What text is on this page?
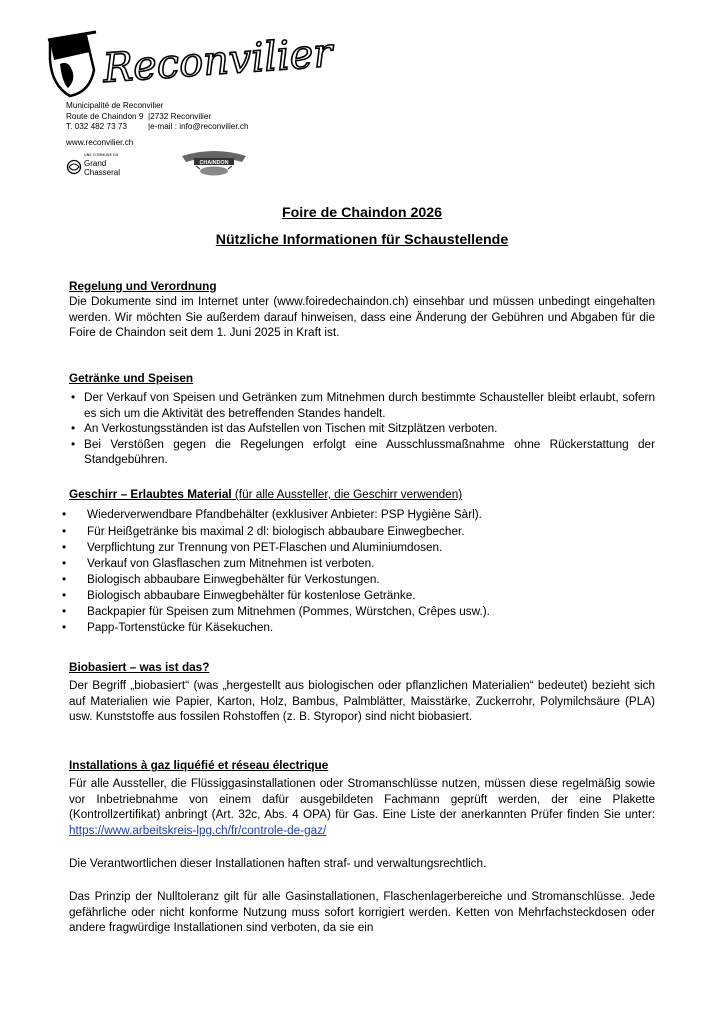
Reconvilier
Municipalité de Reconvilier
Route de Chaindon 9 |2732 Reconvilier
T. 032 482 73 73	|e-mail : info@reconvilier.ch
www.reconvilier.ch
UNE COMMUNE DU
Grand
Chasseral
CHAINDON
Foire de Chaindon 2026
Nützliche Informationen für Schaustellende
Regelung und Verordnung
Die Dokumente sind im Internet unter (www.foiredechaindon.ch) einsehbar und müssen unbedingt eingehalten werden. Wir möchten Sie außerdem darauf hinweisen, dass eine Änderung der Gebühren und Abgaben für die Foire de Chaindon seit dem 1. Juni 2025 in Kraft ist.
Getränke und Speisen
• Der Verkauf von Speisen und Getränken zum Mitnehmen durch bestimmte Schausteller bleibt erlaubt, sofern es sich um die Aktivität des betreffenden Standes handelt.
• An Verkostungsständen ist das Aufstellen von Tischen mit Sitzplätzen verboten.
• Bei Verstößen gegen die Regelungen erfolgt eine Ausschlussmaßnahme ohne Rückerstattung der Standgebühren.
Geschirr – Erlaubtes Material (für alle Aussteller, die Geschirr verwenden)
• Wiederverwendbare Pfandbehälter (exklusiver Anbieter: PSP Hygiène Sàrl).
• Für Heißgetränke bis maximal 2 dl: biologisch abbaubare Einwegbecher.
• Verpflichtung zur Trennung von PET-Flaschen und Aluminiumdosen.
• Verkauf von Glasflaschen zum Mitnehmen ist verboten.
• Biologisch abbaubare Einwegbehälter für Verkostungen.
• Biologisch abbaubare Einwegbehälter für kostenlose Getränke.
• Backpapier für Speisen zum Mitnehmen (Pommes, Würstchen, Crêpes usw.).
• Papp-Tortenstücke für Käsekuchen.
Biobasiert – was ist das?
Der Begriff „biobasiert“ (was „hergestellt aus biologischen oder pflanzlichen Materialien“ bedeutet) bezieht sich auf Materialien wie Papier, Karton, Holz, Bambus, Palmblätter, Maisstärke, Zuckerrohr, Polymilchsäure (PLA) usw. Kunststoffe aus fossilen Rohstoffen (z. B. Styropor) sind nicht biobasiert.
Installations à gaz liquéfié et réseau électrique
Für alle Aussteller, die Flüssiggasinstallationen oder Stromanschlüsse nutzen, müssen diese regelmäßig sowie vor Inbetriebnahme von einem dafür ausgebildeten Fachmann geprüft werden, der eine Plakette (Kontrollzertifikat) anbringt (Art. 32c, Abs. 4 OPA) für Gas. Eine Liste der anerkannten Prüfer finden Sie unter: https://www.arbeitskreis-lpg.ch/fr/controle-de-gaz/
Die Verantwortlichen dieser Installationen haften straf- und verwaltungsrechtlich.
Das Prinzip der Nulltoleranz gilt für alle Gasinstallationen, Flaschenlagerbereiche und Stromanschlüsse. Jede gefährliche oder nicht konforme Nutzung muss sofort korrigiert werden. Ketten von Mehrfachsteckdosen oder andere fragwürdige Installationen sind verboten, da sie ein
